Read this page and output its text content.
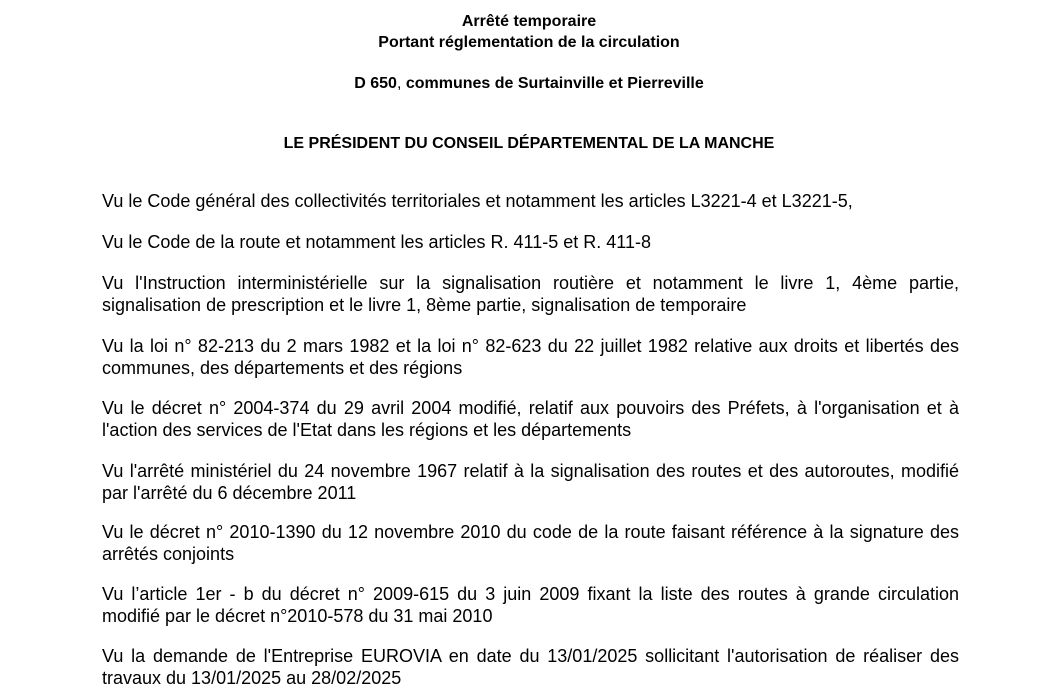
Arrêté temporaire
Portant réglementation de la circulation
D 650, communes de Surtainville et Pierreville
LE PRÉSIDENT DU CONSEIL DÉPARTEMENTAL DE LA MANCHE
Vu le Code général des collectivités territoriales et notamment les articles L3221-4 et L3221-5,
Vu le Code de la route et notamment les articles R. 411-5 et R. 411-8
Vu l'Instruction interministérielle sur la signalisation routière et notamment le livre 1, 4ème partie, signalisation de prescription et le livre 1, 8ème partie, signalisation de temporaire
Vu la loi n° 82-213 du 2 mars 1982 et la loi n° 82-623 du 22 juillet 1982 relative aux droits et libertés des communes, des départements et des régions
Vu le décret n° 2004-374 du 29 avril 2004 modifié, relatif aux pouvoirs des Préfets, à l'organisation et à l'action des services de l'Etat dans les régions et les départements
Vu l'arrêté ministériel du 24 novembre 1967 relatif à la signalisation des routes et des autoroutes, modifié par l'arrêté du 6 décembre 2011
Vu le décret n° 2010-1390 du 12 novembre 2010 du code de la route faisant référence à la signature des arrêtés conjoints
Vu l’article 1er - b du décret n° 2009-615 du 3 juin 2009 fixant la liste des routes à grande circulation modifié par le décret n°2010-578 du 31 mai 2010
Vu la demande de l'Entreprise EUROVIA en date du 13/01/2025 sollicitant l'autorisation de réaliser des travaux du 13/01/2025 au 28/02/2025
